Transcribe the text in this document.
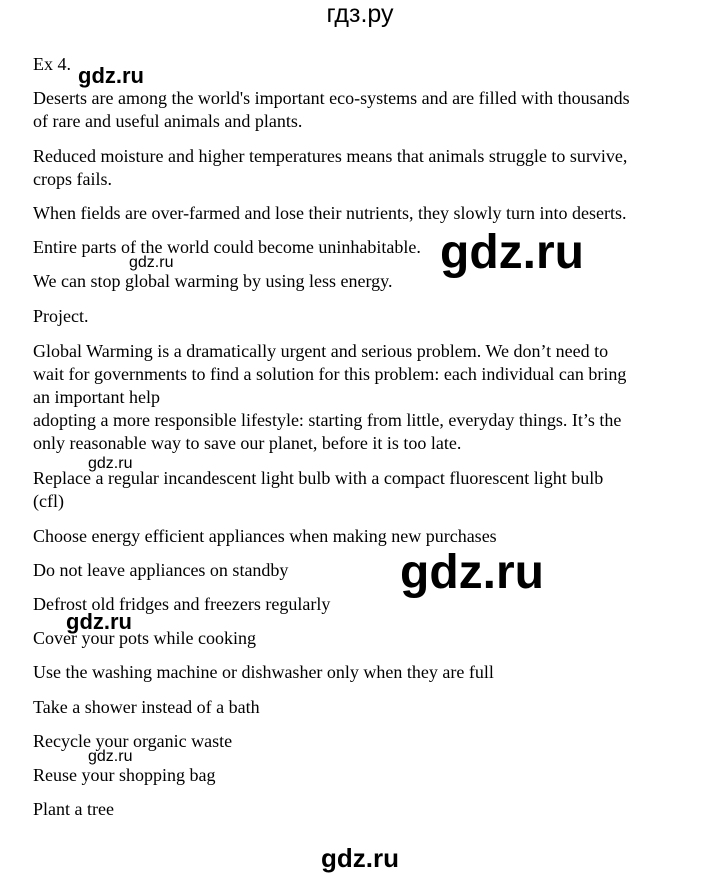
гдз.ру
Ex 4.
Deserts are among the world's important eco-systems and are filled with thousands
of rare and useful animals and plants.
Reduced moisture and higher temperatures means that animals struggle to survive,
crops fails.
When fields are over-farmed and lose their nutrients, they slowly turn into deserts.
Entire parts of the world could become uninhabitable.
We can stop global warming by using less energy.
Project.
Global Warming is a dramatically urgent and serious problem. We don’t need to
wait for governments to find a solution for this problem: each individual can bring
an important help
adopting a more responsible lifestyle: starting from little, everyday things. It’s the
only reasonable way to save our planet, before it is too late.
Replace a regular incandescent light bulb with a compact fluorescent light bulb
(cfl)
Choose energy efficient appliances when making new purchases
Do not leave appliances on standby
Defrost old fridges and freezers regularly
Cover your pots while cooking
Use the washing machine or dishwasher only when they are full
Take a shower instead of a bath
Recycle your organic waste
Reuse your shopping bag
Plant a tree
gdz.ru
gdz.ru
gdz.ru
gdz.ru
gdz.ru
gdz.ru
gdz.ru
gdz.ru
